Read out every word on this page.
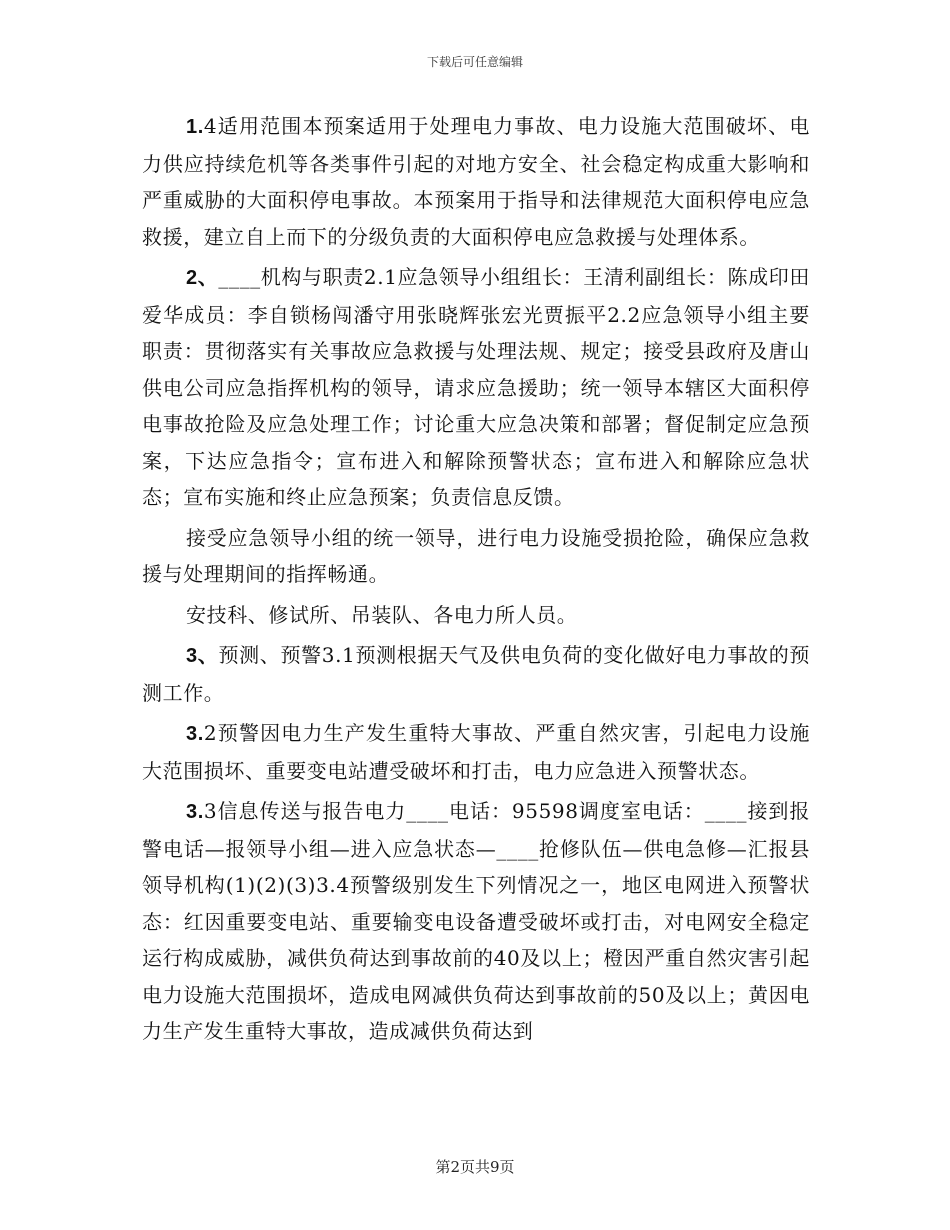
下载后可任意编辑

1.4适用范围本预案适用于处理电力事故、电力设施大范围破坏、电力供应持续危机等各类事件引起的对地方安全、社会稳定构成重大影响和严重威胁的大面积停电事故。本预案用于指导和法律规范大面积停电应急救援，建立自上而下的分级负责的大面积停电应急救援与处理体系。

2、____机构与职责2.1应急领导小组组长：王清利副组长：陈成印田爱华成员：李自锁杨闯潘守用张晓辉张宏光贾振平2.2应急领导小组主要职责：贯彻落实有关事故应急救援与处理法规、规定；接受县政府及唐山供电公司应急指挥机构的领导，请求应急援助；统一领导本辖区大面积停电事故抢险及应急处理工作；讨论重大应急决策和部署；督促制定应急预案，下达应急指令；宣布进入和解除预警状态；宣布进入和解除应急状态；宣布实施和终止应急预案；负责信息反馈。

接受应急领导小组的统一领导，进行电力设施受损抢险，确保应急救援与处理期间的指挥畅通。

安技科、修试所、吊装队、各电力所人员。

3、预测、预警3.1预测根据天气及供电负荷的变化做好电力事故的预测工作。

3.2预警因电力生产发生重特大事故、严重自然灾害，引起电力设施大范围损坏、重要变电站遭受破坏和打击，电力应急进入预警状态。

3.3信息传送与报告电力____电话：95598调度室电话：____接到报警电话—报领导小组—进入应急状态—____抢修队伍—供电急修—汇报县领导机构(1)(2)(3)3.4预警级别发生下列情况之一，地区电网进入预警状态：红因重要变电站、重要输变电设备遭受破坏或打击，对电网安全稳定运行构成威胁，减供负荷达到事故前的40及以上；橙因严重自然灾害引起电力设施大范围损坏，造成电网减供负荷达到事故前的50及以上；黄因电力生产发生重特大事故，造成减供负荷达到

第2页共9页
